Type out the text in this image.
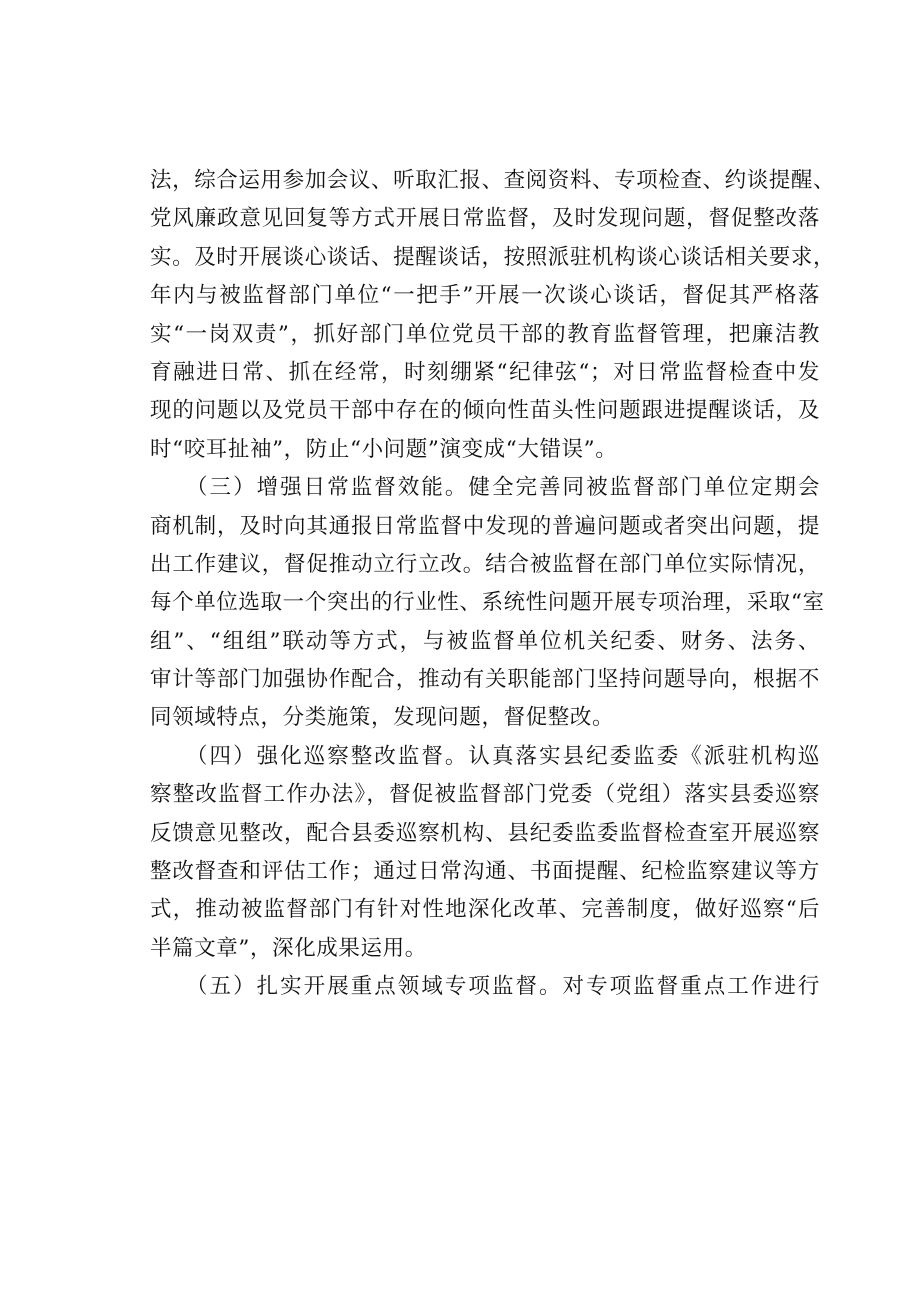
法，综合运用参加会议、听取汇报、查阅资料、专项检查、约谈提醒、
党风廉政意见回复等方式开展日常监督，及时发现问题，督促整改落
实。及时开展谈心谈话、提醒谈话，按照派驻机构谈心谈话相关要求，
年内与被监督部门单位“一把手”开展一次谈心谈话，督促其严格落
实“一岗双责”，抓好部门单位党员干部的教育监督管理，把廉洁教
育融进日常、抓在经常，时刻绷紧“纪律弦“；对日常监督检查中发
现的问题以及党员干部中存在的倾向性苗头性问题跟进提醒谈话，及
时“咬耳扯袖”，防止“小问题”演变成“大错误”。
（三）增强日常监督效能。健全完善同被监督部门单位定期会
商机制，及时向其通报日常监督中发现的普遍问题或者突出问题，提
出工作建议，督促推动立行立改。结合被监督在部门单位实际情况，
每个单位选取一个突出的行业性、系统性问题开展专项治理，采取“室
组”、“组组”联动等方式，与被监督单位机关纪委、财务、法务、
审计等部门加强协作配合，推动有关职能部门坚持问题导向，根据不
同领域特点，分类施策，发现问题，督促整改。
（四）强化巡察整改监督。认真落实县纪委监委《派驻机构巡
察整改监督工作办法》，督促被监督部门党委（党组）落实县委巡察
反馈意见整改，配合县委巡察机构、县纪委监委监督检查室开展巡察
整改督查和评估工作；通过日常沟通、书面提醒、纪检监察建议等方
式，推动被监督部门有针对性地深化改革、完善制度，做好巡察“后
半篇文章”，深化成果运用。
（五）扎实开展重点领域专项监督。对专项监督重点工作进行
